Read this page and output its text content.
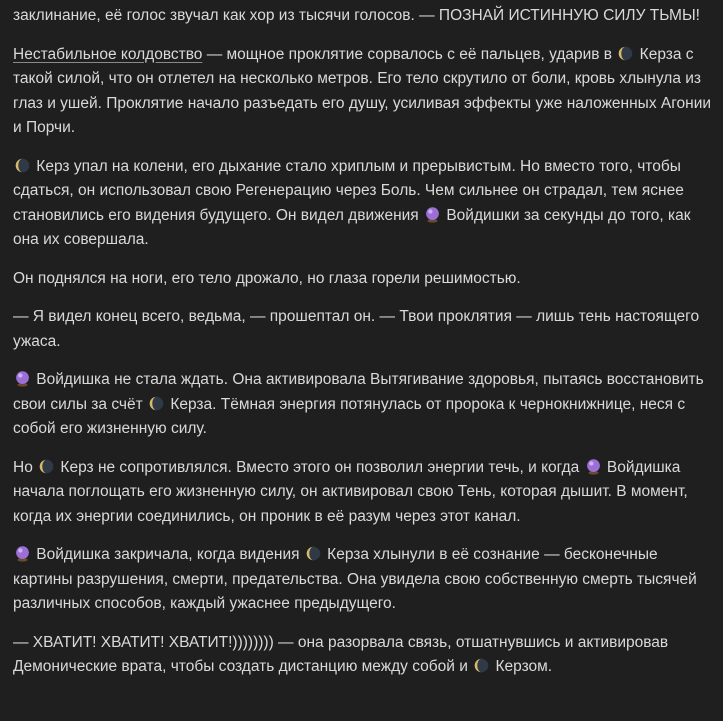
заклинание, её голос звучал как хор из тысячи голосов. — ПОЗНАЙ ИСТИННУЮ СИЛУ ТЬМЫ!

Нестабильное колдовство — мощное проклятие сорвалось с её пальцев, ударив в  Керза с такой силой, что он отлетел на несколько метров. Его тело скрутило от боли, кровь хлынула из глаз и ушей. Проклятие начало разъедать его душу, усиливая эффекты уже наложенных Агонии и Порчи.

Керз упал на колени, его дыхание стало хриплым и прерывистым. Но вместо того, чтобы сдаться, он использовал свою Регенерацию через Боль. Чем сильнее он страдал, тем яснее становились его видения будущего. Он видел движения  Войдишки за секунды до того, как она их совершала.

Он поднялся на ноги, его тело дрожало, но глаза горели решимостью.

— Я видел конец всего, ведьма, — прошептал он. — Твои проклятия — лишь тень настоящего ужаса.

Войдишка не стала ждать. Она активировала Вытягивание здоровья, пытаясь восстановить свои силы за счёт  Керза. Тёмная энергия потянулась от пророка к чернокнижнице, неся с собой его жизненную силу.

Но  Керз не сопротивлялся. Вместо этого он позволил энергии течь, и когда  Войдишка начала поглощать его жизненную силу, он активировал свою Тень, которая дышит. В момент, когда их энергии соединились, он проник в её разум через этот канал.

Войдишка закричала, когда видения  Керза хлынули в её сознание — бесконечные картины разрушения, смерти, предательства. Она увидела свою собственную смерть тысячей различных способов, каждый ужаснее предыдущего.

— ХВАТИТ! ХВАТИТ! ХВАТИТ!)))))))) — она разорвала связь, отшатнувшись и активировав Демонические врата, чтобы создать дистанцию между собой и  Керзом.
